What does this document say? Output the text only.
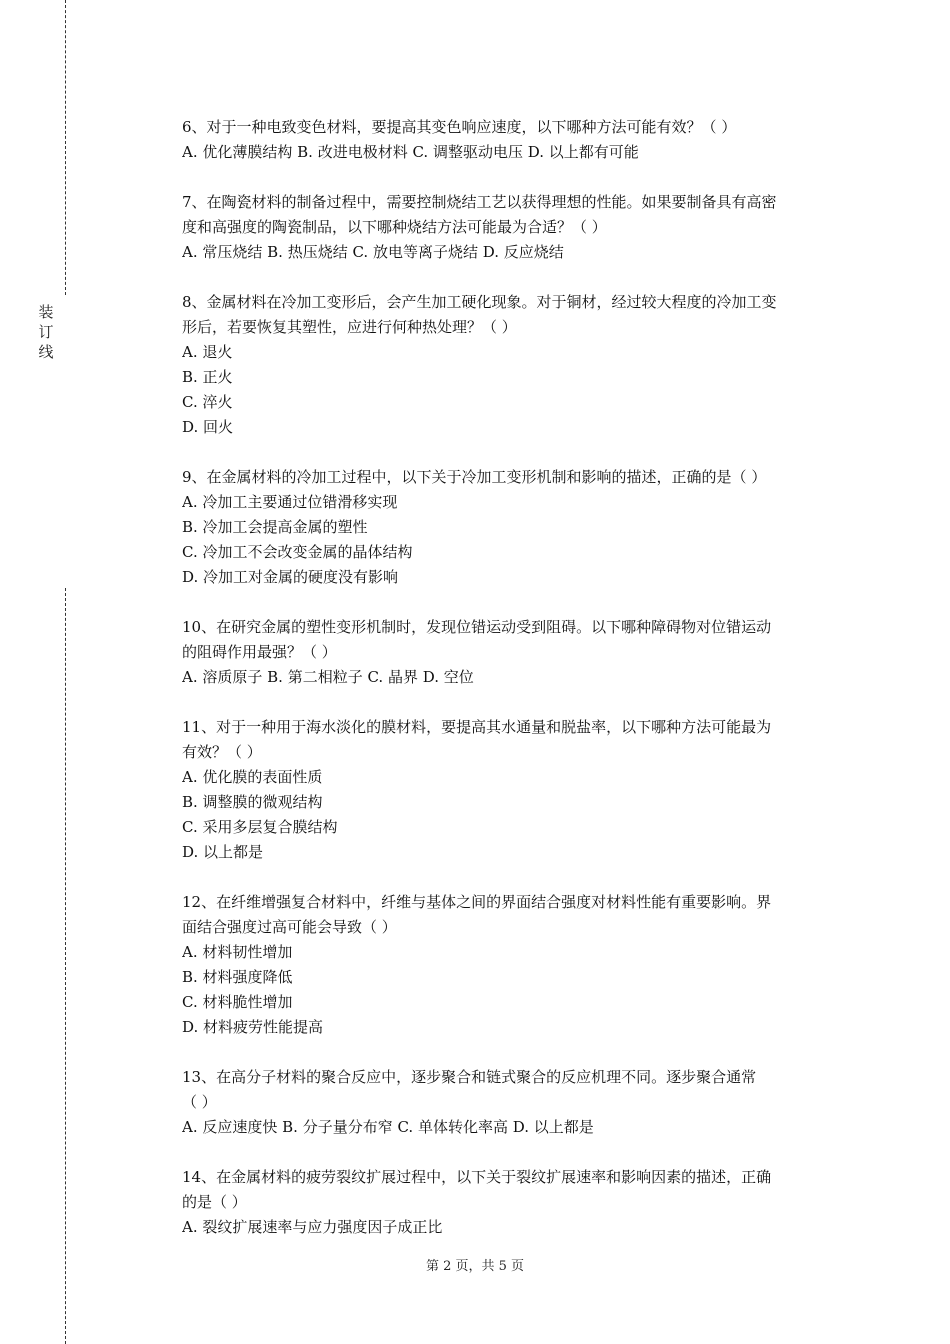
装订线
6、对于一种电致变色材料，要提高其变色响应速度，以下哪种方法可能有效？（ ）
A. 优化薄膜结构 B. 改进电极材料 C. 调整驱动电压 D. 以上都有可能
7、在陶瓷材料的制备过程中，需要控制烧结工艺以获得理想的性能。如果要制备具有高密
度和高强度的陶瓷制品，以下哪种烧结方法可能最为合适？（ ）
A. 常压烧结 B. 热压烧结 C. 放电等离子烧结 D. 反应烧结
8、金属材料在冷加工变形后，会产生加工硬化现象。对于铜材，经过较大程度的冷加工变
形后，若要恢复其塑性，应进行何种热处理？（ ）
A. 退火
B. 正火
C. 淬火
D. 回火
9、在金属材料的冷加工过程中，以下关于冷加工变形机制和影响的描述，正确的是（ ）
A. 冷加工主要通过位错滑移实现
B. 冷加工会提高金属的塑性
C. 冷加工不会改变金属的晶体结构
D. 冷加工对金属的硬度没有影响
10、在研究金属的塑性变形机制时，发现位错运动受到阻碍。以下哪种障碍物对位错运动
的阻碍作用最强？（ ）
A. 溶质原子 B. 第二相粒子 C. 晶界 D. 空位
11、对于一种用于海水淡化的膜材料，要提高其水通量和脱盐率，以下哪种方法可能最为
有效？（ ）
A. 优化膜的表面性质
B. 调整膜的微观结构
C. 采用多层复合膜结构
D. 以上都是
12、在纤维增强复合材料中，纤维与基体之间的界面结合强度对材料性能有重要影响。界
面结合强度过高可能会导致（ ）
A. 材料韧性增加
B. 材料强度降低
C. 材料脆性增加
D. 材料疲劳性能提高
13、在高分子材料的聚合反应中，逐步聚合和链式聚合的反应机理不同。逐步聚合通常
（ ）
A. 反应速度快 B. 分子量分布窄 C. 单体转化率高 D. 以上都是
14、在金属材料的疲劳裂纹扩展过程中，以下关于裂纹扩展速率和影响因素的描述，正确
的是（ ）
A. 裂纹扩展速率与应力强度因子成正比
第 2 页，共 5 页
